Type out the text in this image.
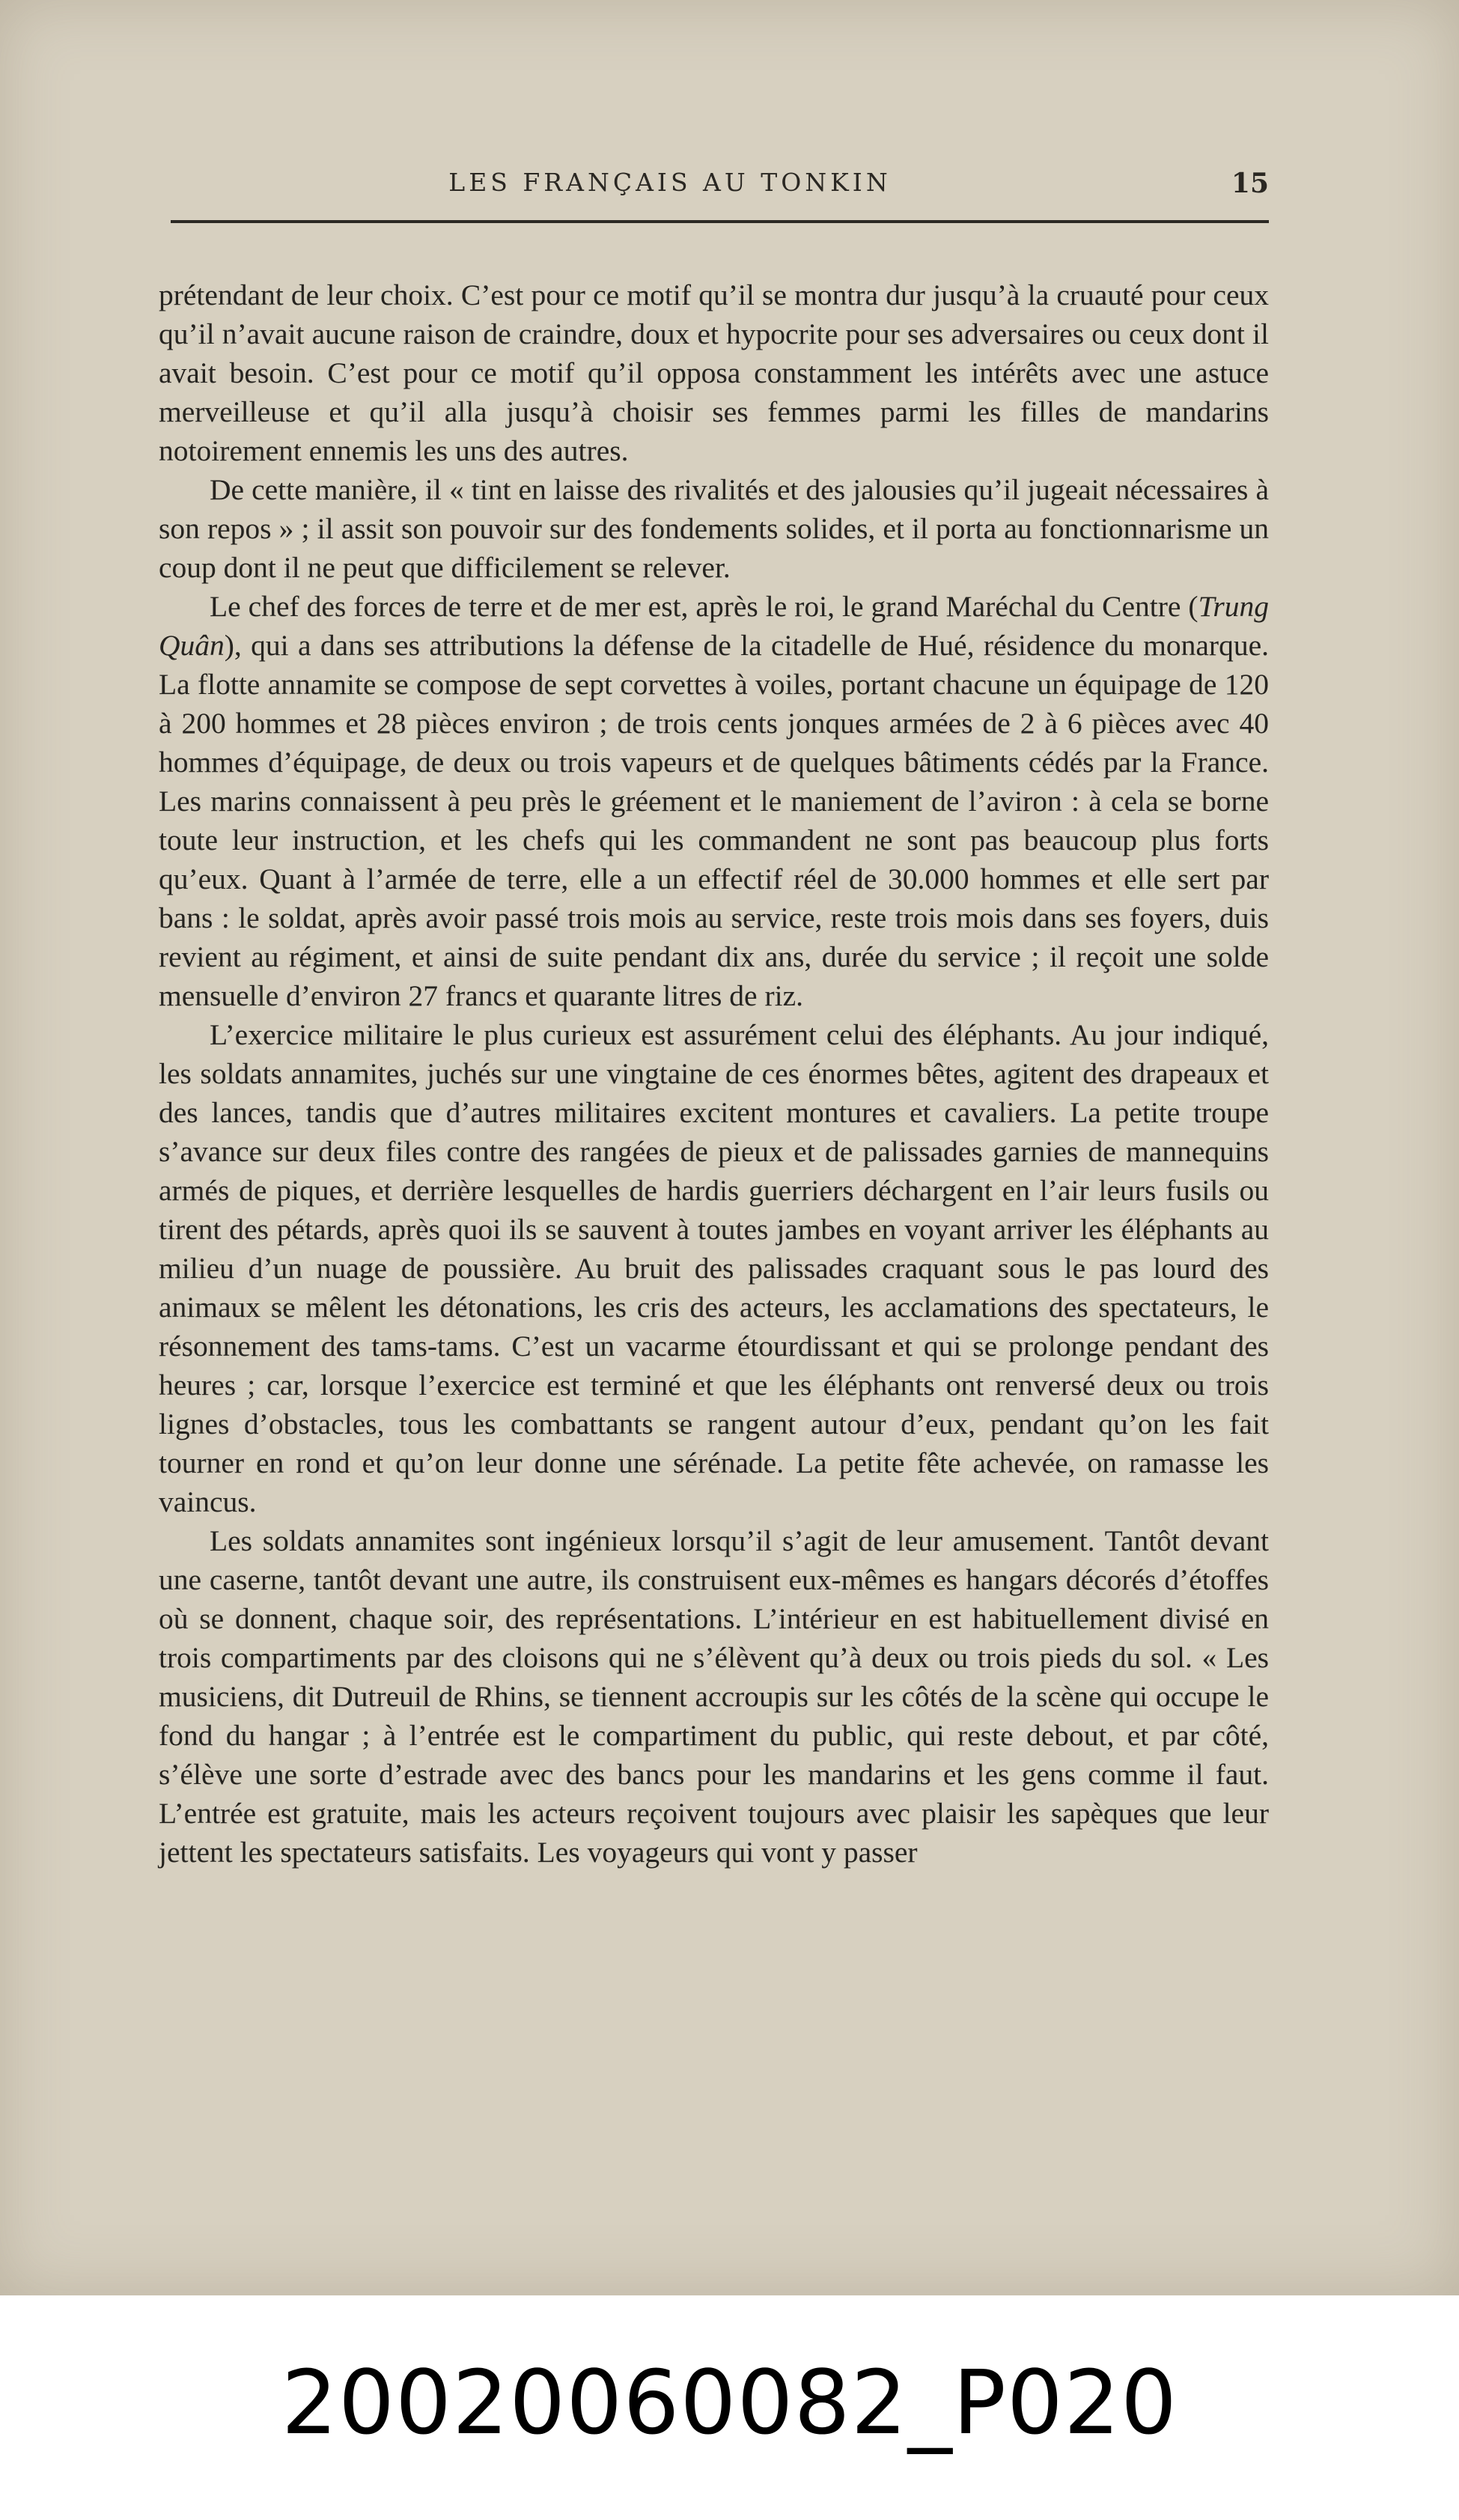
LES FRANÇAIS AU TONKIN	15

prétendant de leur choix. C’est pour ce motif qu’il se montra dur jusqu’à la cruauté pour ceux qu’il n’avait aucune raison de craindre, doux et hypocrite pour ses adversaires ou ceux dont il avait besoin. C’est pour ce motif qu’il opposa constamment les intérêts avec une astuce merveilleuse et qu’il alla jusqu’à choisir ses femmes parmi les filles de mandarins notoirement ennemis les uns des autres.

De cette manière, il « tint en laisse des rivalités et des jalousies qu’il jugeait nécessaires à son repos » ; il assit son pouvoir sur des fondements solides, et il porta au fonctionnarisme un coup dont il ne peut que difficilement se relever.

Le chef des forces de terre et de mer est, après le roi, le grand Maréchal du Centre (Trung Quân), qui a dans ses attributions la défense de la citadelle de Hué, résidence du monarque. La flotte annamite se compose de sept corvettes à voiles, portant chacune un équipage de 120 à 200 hommes et 28 pièces environ ; de trois cents jonques armées de 2 à 6 pièces avec 40 hommes d’équipage, de deux ou trois vapeurs et de quelques bâtiments cédés par la France. Les marins connaissent à peu près le gréement et le maniement de l’aviron : à cela se borne toute leur instruction, et les chefs qui les commandent ne sont pas beaucoup plus forts qu’eux. Quant à l’armée de terre, elle a un effectif réel de 30.000 hommes et elle sert par bans : le soldat, après avoir passé trois mois au service, reste trois mois dans ses foyers, duis revient au régiment, et ainsi de suite pendant dix ans, durée du service ; il reçoit une solde mensuelle d’environ 27 francs et quarante litres de riz.

L’exercice militaire le plus curieux est assurément celui des éléphants. Au jour indiqué, les soldats annamites, juchés sur une vingtaine de ces énormes bêtes, agitent des drapeaux et des lances, tandis que d’autres militaires excitent montures et cavaliers. La petite troupe s’avance sur deux files contre des rangées de pieux et de palissades garnies de mannequins armés de piques, et derrière lesquelles de hardis guerriers déchargent en l’air leurs fusils ou tirent des pétards, après quoi ils se sauvent à toutes jambes en voyant arriver les éléphants au milieu d’un nuage de poussière. Au bruit des palissades craquant sous le pas lourd des animaux se mêlent les détonations, les cris des acteurs, les acclamations des spectateurs, le résonnement des tams-tams. C’est un vacarme étourdissant et qui se prolonge pendant des heures ; car, lorsque l’exercice est terminé et que les éléphants ont renversé deux ou trois lignes d’obstacles, tous les combattants se rangent autour d’eux, pendant qu’on les fait tourner en rond et qu’on leur donne une sérénade. La petite fête achevée, on ramasse les vaincus.

Les soldats annamites sont ingénieux lorsqu’il s’agit de leur amusement. Tantôt devant une caserne, tantôt devant une autre, ils construisent eux-mêmes es hangars décorés d’étoffes où se donnent, chaque soir, des représentations. L’intérieur en est habituellement divisé en trois compartiments par des cloisons qui ne s’élèvent qu’à deux ou trois pieds du sol. « Les musiciens, dit Dutreuil de Rhins, se tiennent accroupis sur les côtés de la scène qui occupe le fond du hangar ; à l’entrée est le compartiment du public, qui reste debout, et par côté, s’élève une sorte d’estrade avec des bancs pour les mandarins et les gens comme il faut. L’entrée est gratuite, mais les acteurs reçoivent toujours avec plaisir les sapèques que leur jettent les spectateurs satisfaits. Les voyageurs qui vont y passer

20020060082_P020
